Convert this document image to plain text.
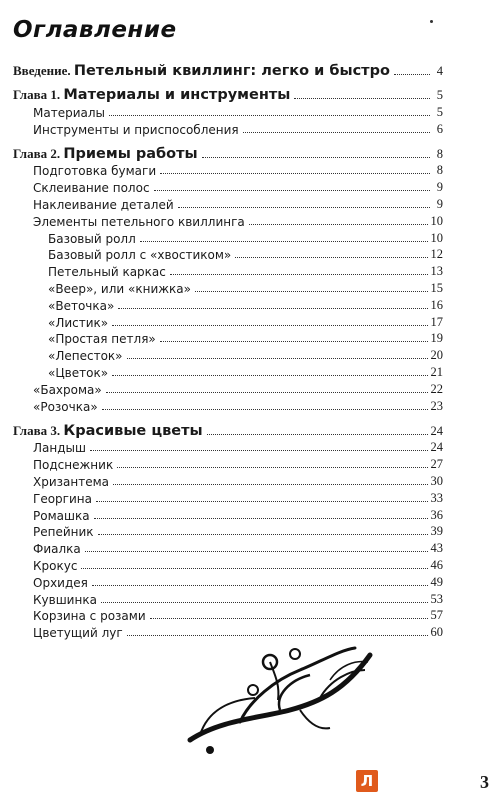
Оглавление
Введение. Петельный квиллинг: легко и быстро	4
Глава 1. Материалы и инструменты	5
Материалы	5
Инструменты и приспособления	6
Глава 2. Приемы работы	8
Подготовка бумаги	8
Склеивание полос	9
Наклеивание деталей	9
Элементы петельного квиллинга	10
Базовый ролл	10
Базовый ролл с «хвостиком»	12
Петельный каркас	13
«Веер», или «книжка»	15
«Веточка»	16
«Листик»	17
«Простая петля»	19
«Лепесток»	20
«Цветок»	21
«Бахрома»	22
«Розочка»	23
Глава 3. Красивые цветы	24
Ландыш	24
Подснежник	27
Хризантема	30
Георгина	33
Ромашка	36
Репейник	39
Фиалка	43
Крокус	46
Орхидея	49
Кувшинка	53
Корзина с розами	57
Цветущий луг	60
Л	3
